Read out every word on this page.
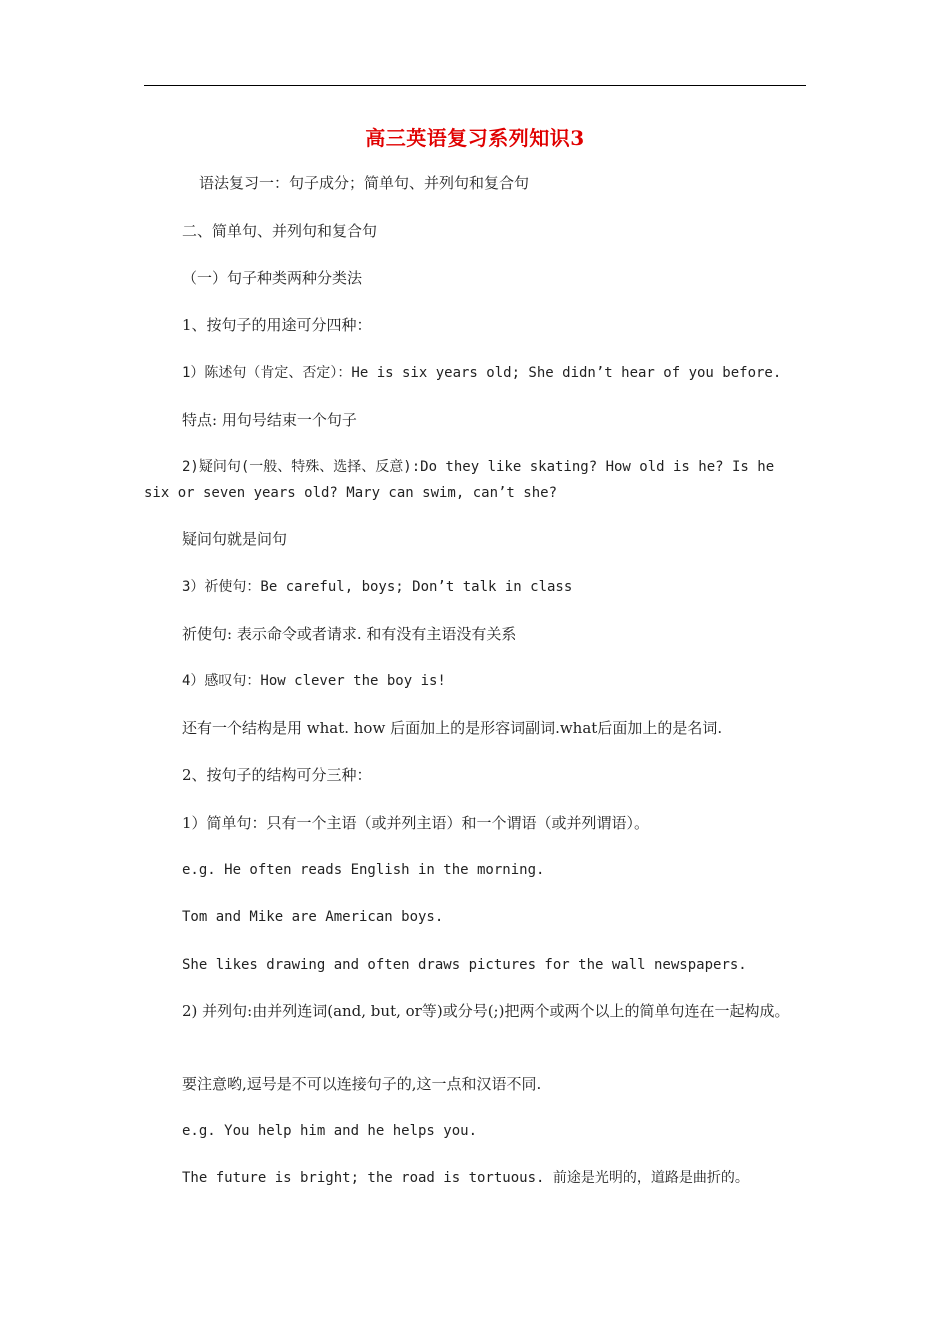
高三英语复习系列知识3
语法复习一：句子成分；简单句、并列句和复合句
二、简单句、并列句和复合句
（一）句子种类两种分类法
1、按句子的用途可分四种：
1）陈述句（肯定、否定）：He is six years old; She didn’t hear of you before.
特点: 用句号结束一个句子
2)疑问句(一般、特殊、选择、反意):Do they like skating? How old is he? Is he six or seven years old? Mary can swim, can’t she?
疑问句就是问句
3）祈使句：Be careful, boys; Don’t talk in class
祈使句: 表示命令或者请求. 和有没有主语没有关系
4）感叹句：How clever the boy is!
还有一个结构是用 what. how 后面加上的是形容词副词.what后面加上的是名词.
2、按句子的结构可分三种：
1）简单句：只有一个主语（或并列主语）和一个谓语（或并列谓语）。
e.g. He often reads English in the morning.
Tom and Mike are American boys.
She likes drawing and often draws pictures for the wall newspapers.
2) 并列句:由并列连词(and, but, or等)或分号(;)把两个或两个以上的简单句连在一起构成。
要注意哟,逗号是不可以连接句子的,这一点和汉语不同.
e.g. You help him and he helps you.
The future is bright; the road is tortuous. 前途是光明的，道路是曲折的。
